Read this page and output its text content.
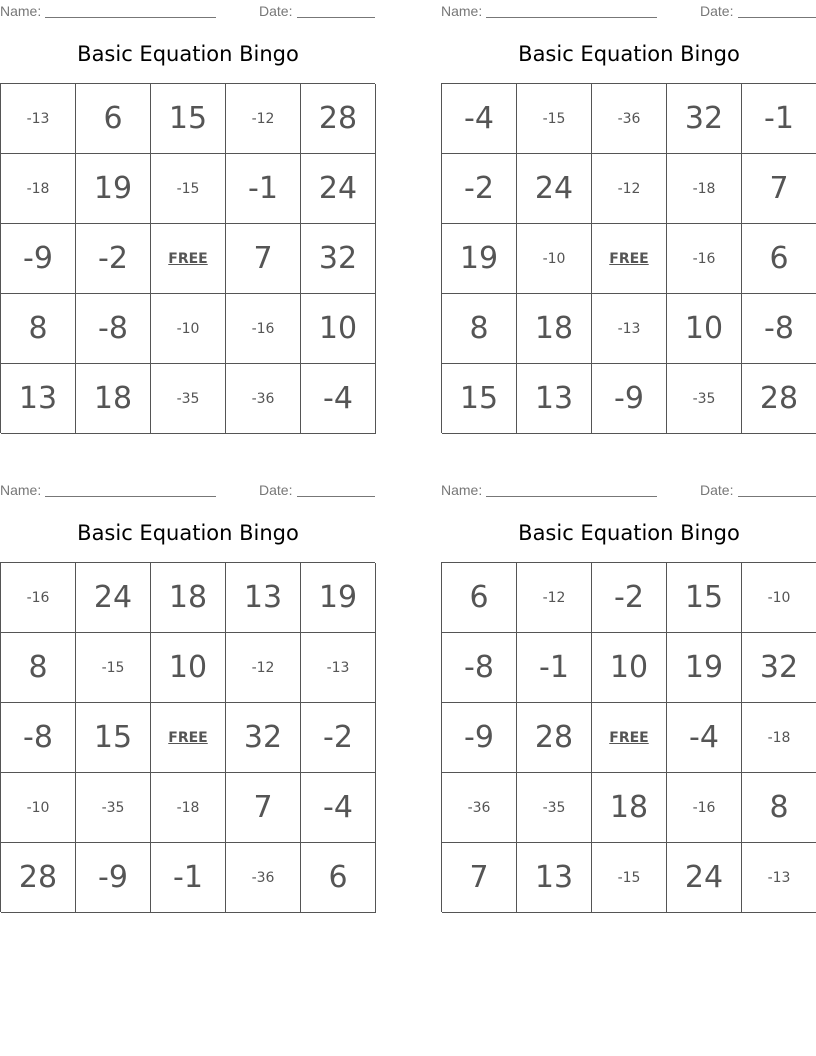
Name:	Date:
Basic Equation Bingo
-13	6	15	-12	28
-18	19	-15	-1	24
-9	-2	FREE	7	32
8	-8	-10	-16	10
13	18	-35	-36	-4
Name:	Date:
Basic Equation Bingo
-4	-15	-36	32	-1
-2	24	-12	-18	7
19	-10	FREE	-16	6
8	18	-13	10	-8
15	13	-9	-35	28
Name:	Date:
Basic Equation Bingo
-16	24	18	13	19
8	-15	10	-12	-13
-8	15	FREE	32	-2
-10	-35	-18	7	-4
28	-9	-1	-36	6
Name:	Date:
Basic Equation Bingo
6	-12	-2	15	-10
-8	-1	10	19	32
-9	28	FREE	-4	-18
-36	-35	18	-16	8
7	13	-15	24	-13
